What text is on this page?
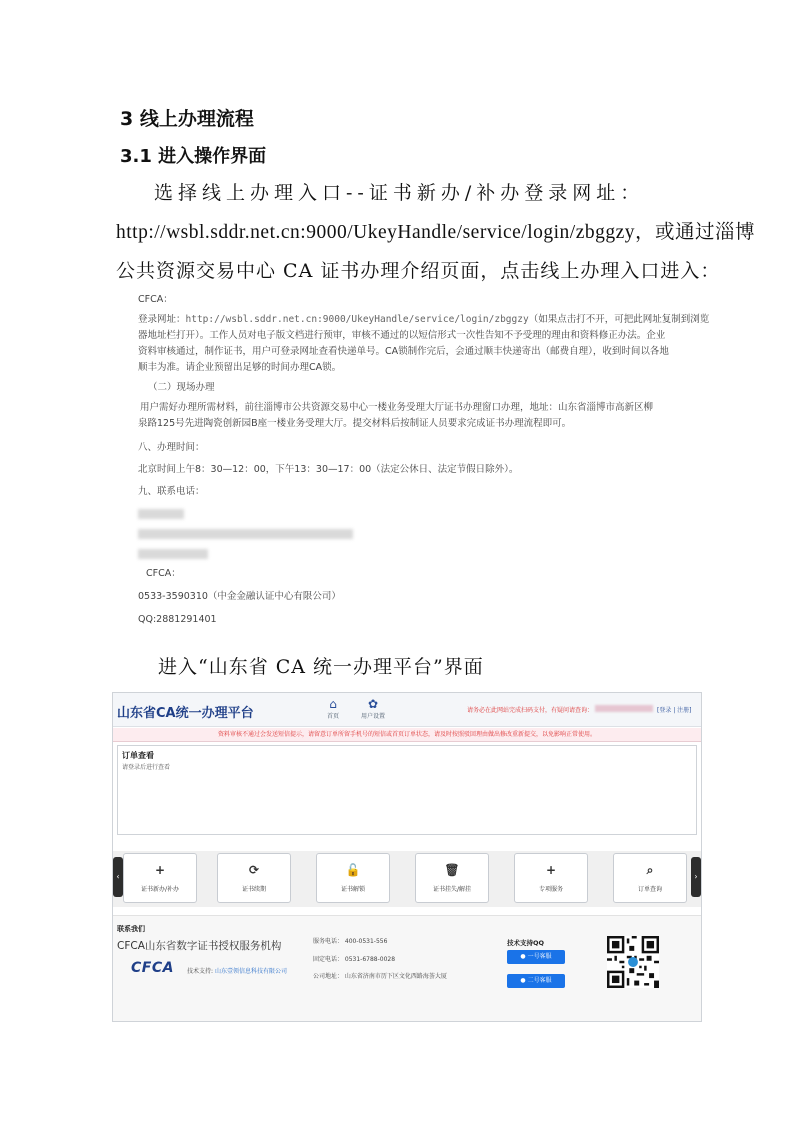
3 线上办理流程
3.1 进入操作界面
选择线上办理入口--证书新办/补办登录网址：
http://wsbl.sddr.net.cn:9000/UkeyHandle/service/login/zbggzy，或通过淄博
公共资源交易中心 CA 证书办理介绍页面，点击线上办理入口进入：

CFCA：

登录网址：http://wsbl.sddr.net.cn:9000/UkeyHandle/service/login/zbggzy（如果点击打不开，可把此网址复制到浏览

器地址栏打开）。工作人员对电子版文档进行预审，审核不通过的以短信形式一次性告知不予受理的理由和资料修正办法。企业

资料审核通过，制作证书，用户可登录网址查看快递单号。CA锁制作完后，会通过顺丰快递寄出（邮费自理），收到时间以各地

顺丰为准。请企业预留出足够的时间办理CA锁。

（二）现场办理

用户需好办理所需材料，前往淄博市公共资源交易中心一楼业务受理大厅证书办理窗口办理，地址：山东省淄博市高新区柳

泉路125号先进陶瓷创新园B座一楼业务受理大厅。提交材料后按制证人员要求完成证书办理流程即可。

八、办理时间：

北京时间上午8：30—12：00，下午13：30—17：00（法定公休日、法定节假日除外）。

九、联系电话：

CFCA：

0533-3590310（中金金融认证中心有限公司）

QQ:2881291401

进入“山东省 CA 统一办理平台”界面
山东省CA统一办理平台
⌂
首页
✿
用户设置
请务必在此网站完成扫码支付，有疑问请查询：	[登录 | 注册]
资料审核不通过会发送短信提示，请留意订单所留手机号的短信或首页订单状态，请及时按照驳回理由做出修改重新提交，以免影响正常使用。
订单查看
请登录后进行查看
‹	+
证书新办/补办
⟳
证书续期
🔓
证书解锁
🗑
证书挂失/解挂
+
专项服务
⌕
订单查询
›
联系我们
CFCA山东省数字证书授权服务机构
CFCA 技术支持: 山东壹领信息科技有限公司
服务电话： 400-0531-556
固定电话： 0531-6788-0028
公司地址： 山东省济南市历下区文化西路海荟大厦
技术支持QQ
● 一号客服
● 二号客服
